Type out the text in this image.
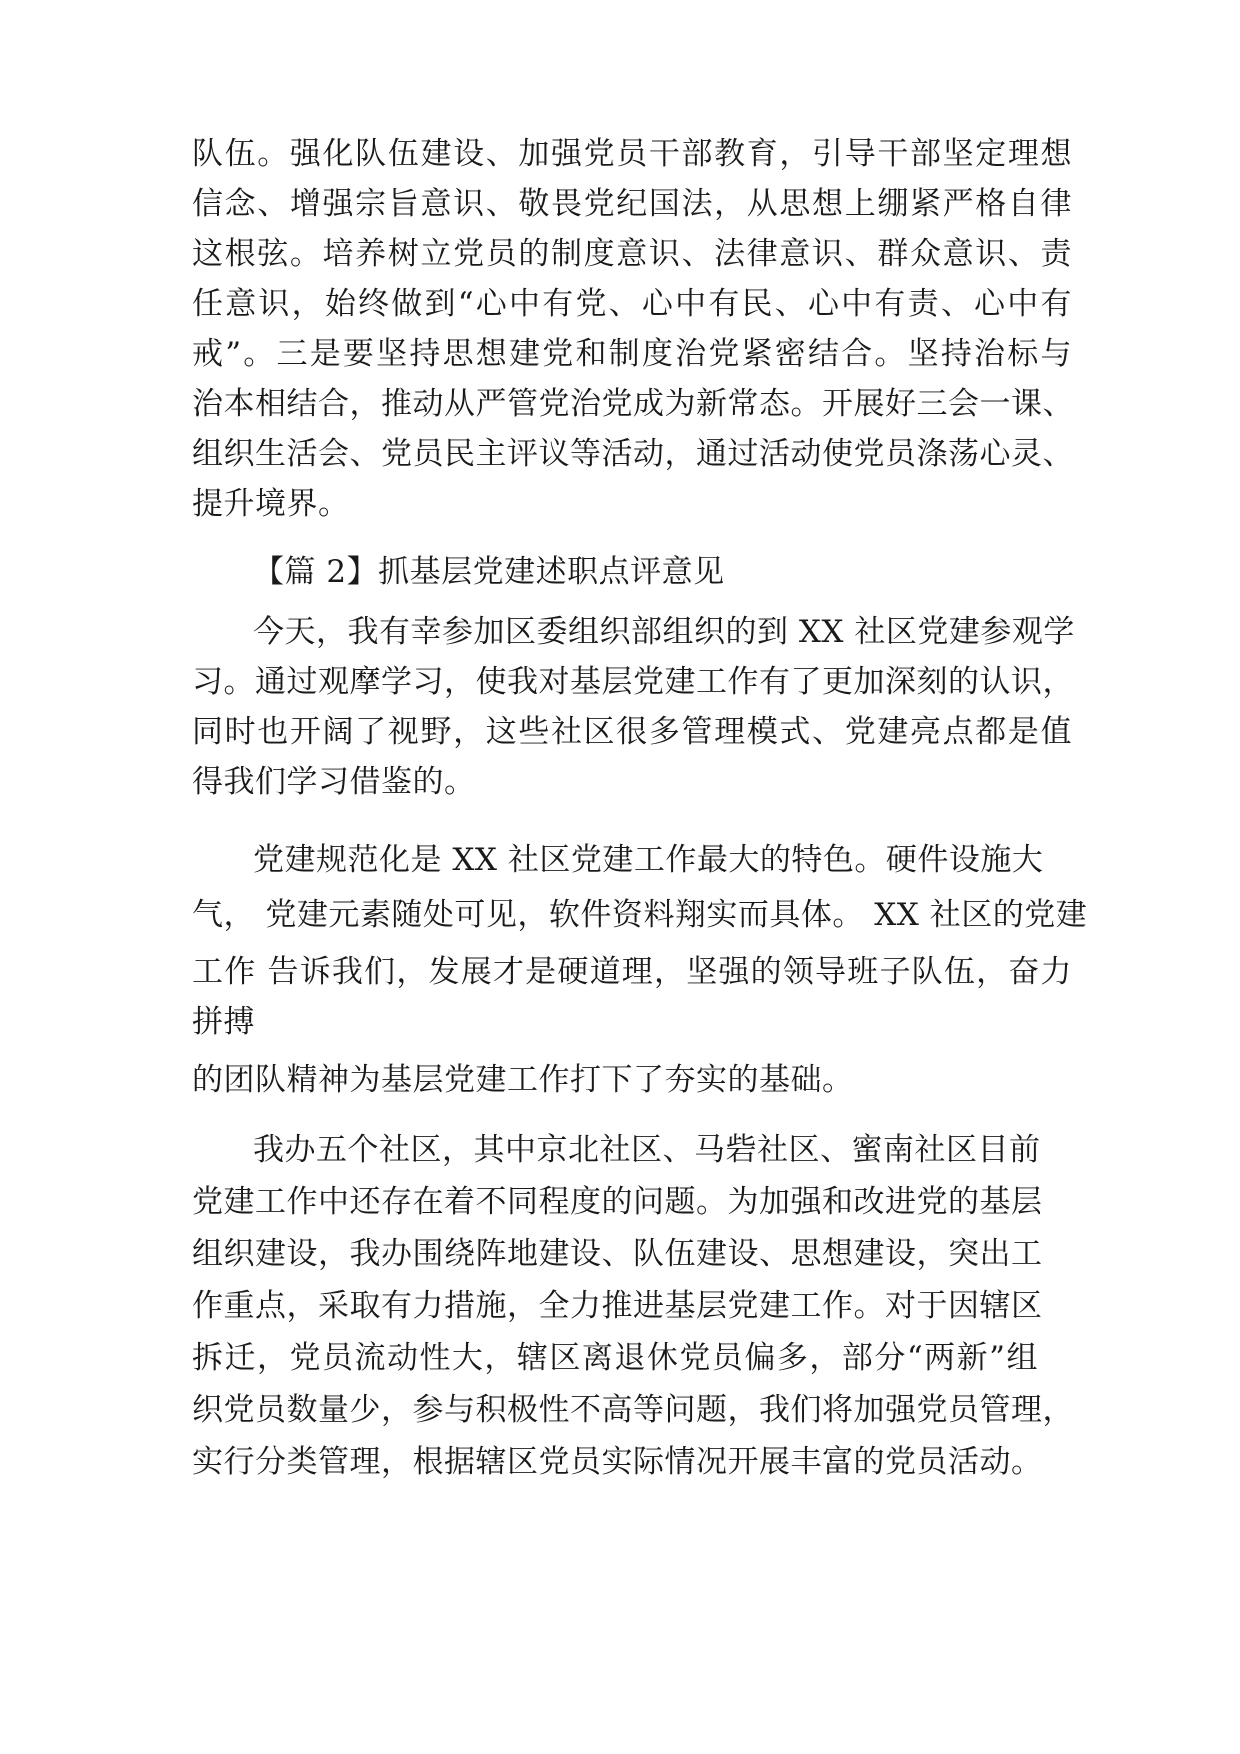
队伍。强化队伍建设、加强党员干部教育，引导干部坚定理想
信念、增强宗旨意识、敬畏党纪国法，从思想上绷紧严格自律
这根弦。培养树立党员的制度意识、法律意识、群众意识、责
任意识，始终做到“心中有党、心中有民、心中有责、心中有
戒”。三是要坚持思想建党和制度治党紧密结合。坚持治标与
治本相结合，推动从严管党治党成为新常态。开展好三会一课、
组织生活会、党员民主评议等活动，通过活动使党员涤荡心灵、
提升境界。
【篇 2】抓基层党建述职点评意见
今天，我有幸参加区委组织部组织的到 XX 社区党建参观学
习。通过观摩学习，使我对基层党建工作有了更加深刻的认识，
同时也开阔了视野，这些社区很多管理模式、党建亮点都是值
得我们学习借鉴的。
党建规范化是 XX 社区党建工作最大的特色。硬件设施大
气， 党建元素随处可见，软件资料翔实而具体。 XX 社区的党建
工作 告诉我们，发展才是硬道理，坚强的领导班子队伍，奋力
拼搏
的团队精神为基层党建工作打下了夯实的基础。
我办五个社区，其中京北社区、马砦社区、蜜南社区目前
党建工作中还存在着不同程度的问题。为加强和改进党的基层
组织建设，我办围绕阵地建设、队伍建设、思想建设，突出工
作重点，采取有力措施，全力推进基层党建工作。对于因辖区
拆迁，党员流动性大，辖区离退休党员偏多，部分“两新”组
织党员数量少，参与积极性不高等问题，我们将加强党员管理，
实行分类管理，根据辖区党员实际情况开展丰富的党员活动。
